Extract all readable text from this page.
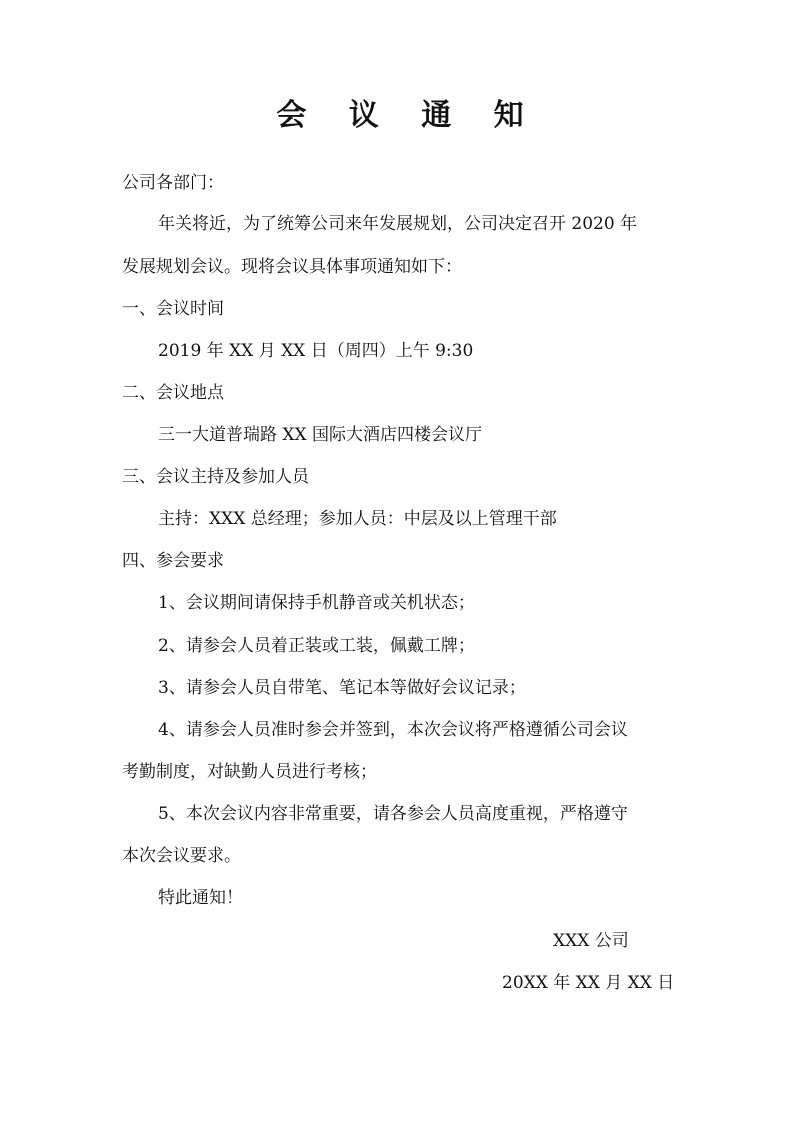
会 议 通 知
公司各部门：
年关将近，为了统筹公司来年发展规划，公司决定召开 2020 年
发展规划会议。现将会议具体事项通知如下：
一、会议时间
2019 年 XX 月 XX 日（周四）上午 9:30
二、会议地点
三一大道普瑞路 XX 国际大酒店四楼会议厅
三、会议主持及参加人员
主持：XXX 总经理；参加人员：中层及以上管理干部
四、参会要求
1、会议期间请保持手机静音或关机状态；
2、请参会人员着正装或工装，佩戴工牌；
3、请参会人员自带笔、笔记本等做好会议记录；
4、请参会人员准时参会并签到，本次会议将严格遵循公司会议
考勤制度，对缺勤人员进行考核；
5、本次会议内容非常重要，请各参会人员高度重视，严格遵守
本次会议要求。
特此通知！
XXX 公司
20XX 年 XX 月 XX 日
